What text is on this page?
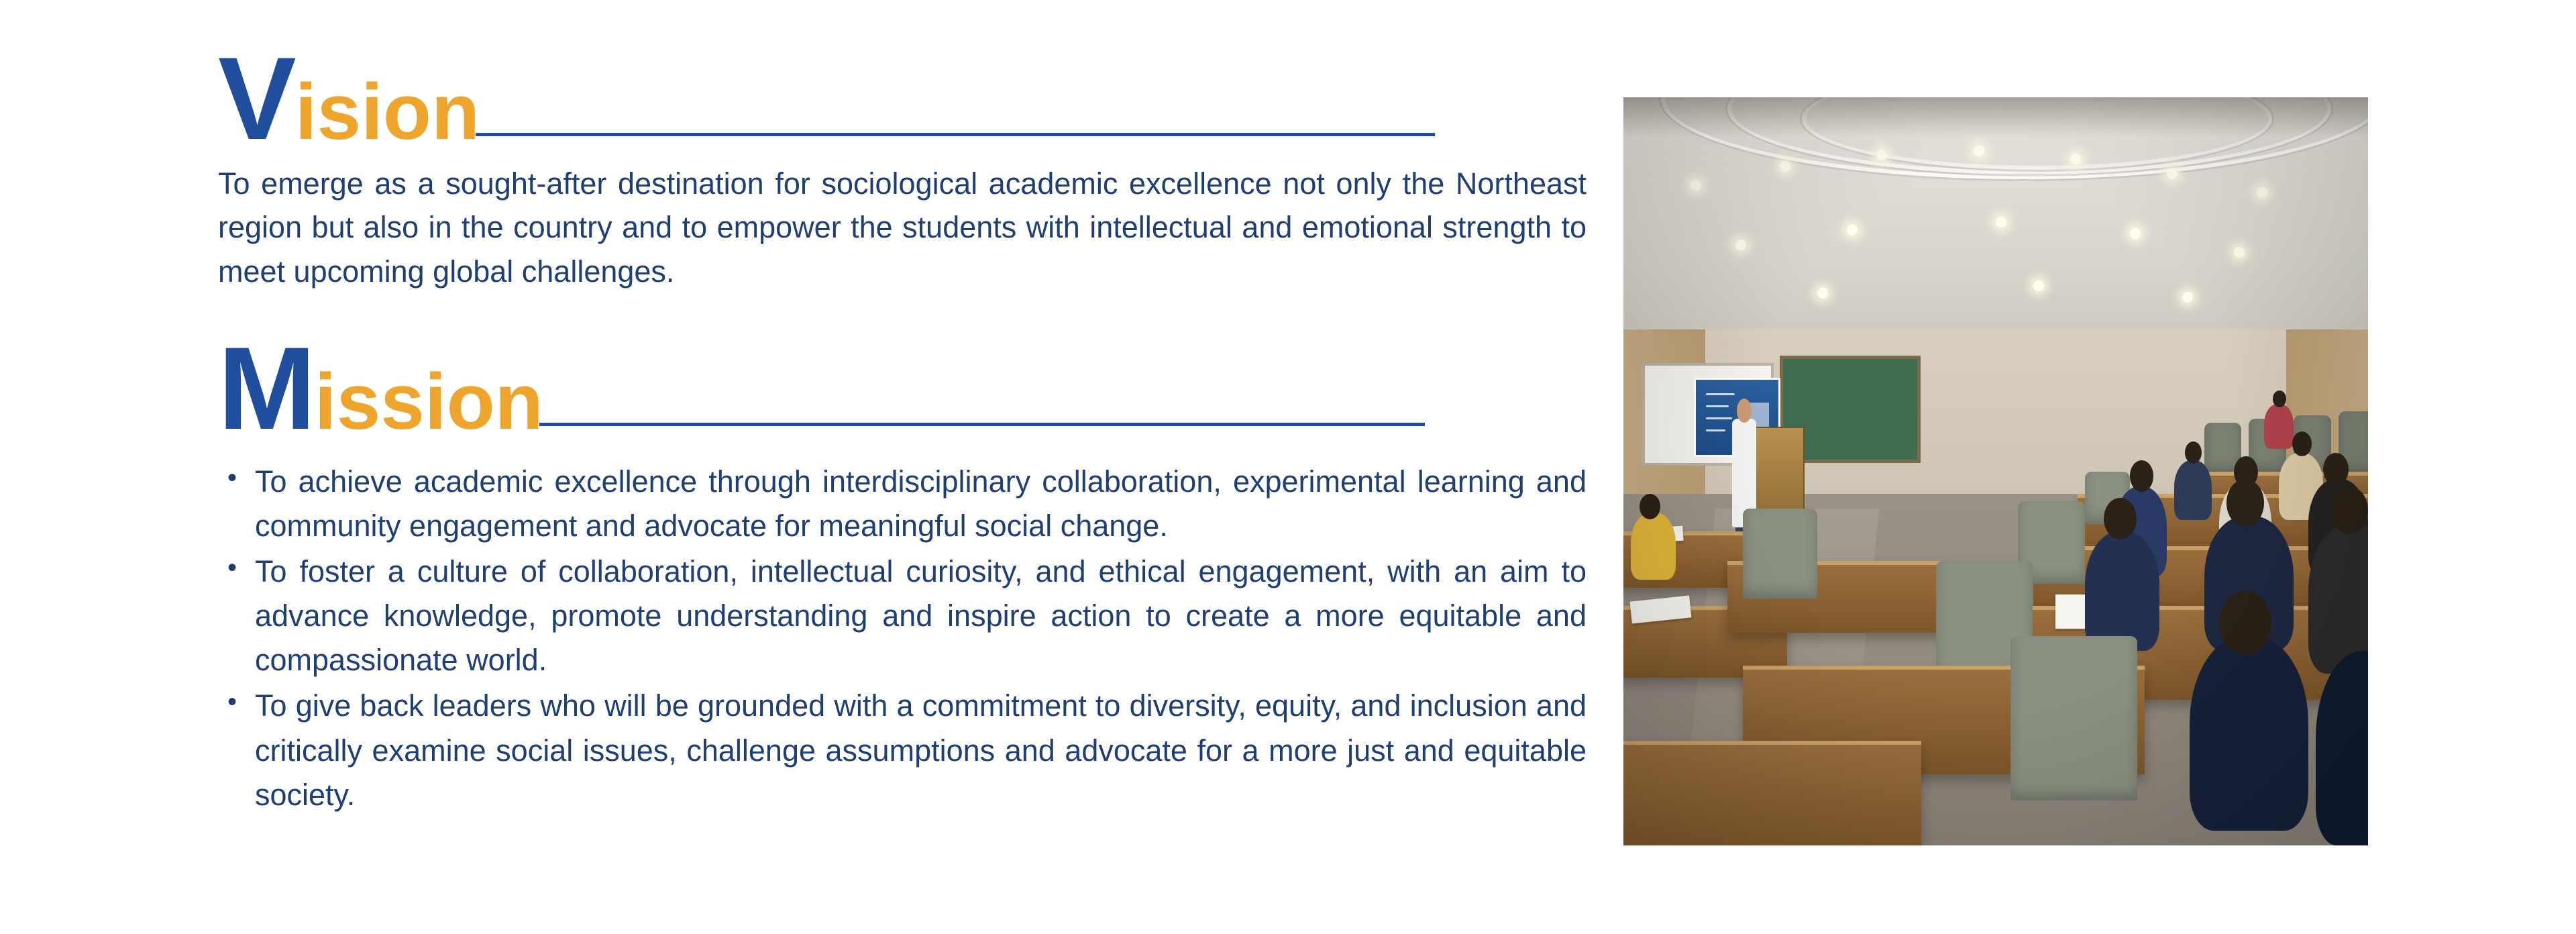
Vision

To emerge as a sought-after destination for sociological academic excellence not only the Northeast region but also in the country and to empower the students with intellectual and emotional strength to meet upcoming global challenges.

Mission
• To achieve academic excellence through interdisciplinary collaboration, experimental learning and community engagement and advocate for meaningful social change.
• To foster a culture of collaboration, intellectual curiosity, and ethical engagement, with an aim to advance knowledge, promote understanding and inspire action to create a more equitable and compassionate world.
• To give back leaders who will be grounded with a commitment to diversity, equity, and inclusion and critically examine social issues, challenge assumptions and advocate for a more just and equitable society.
